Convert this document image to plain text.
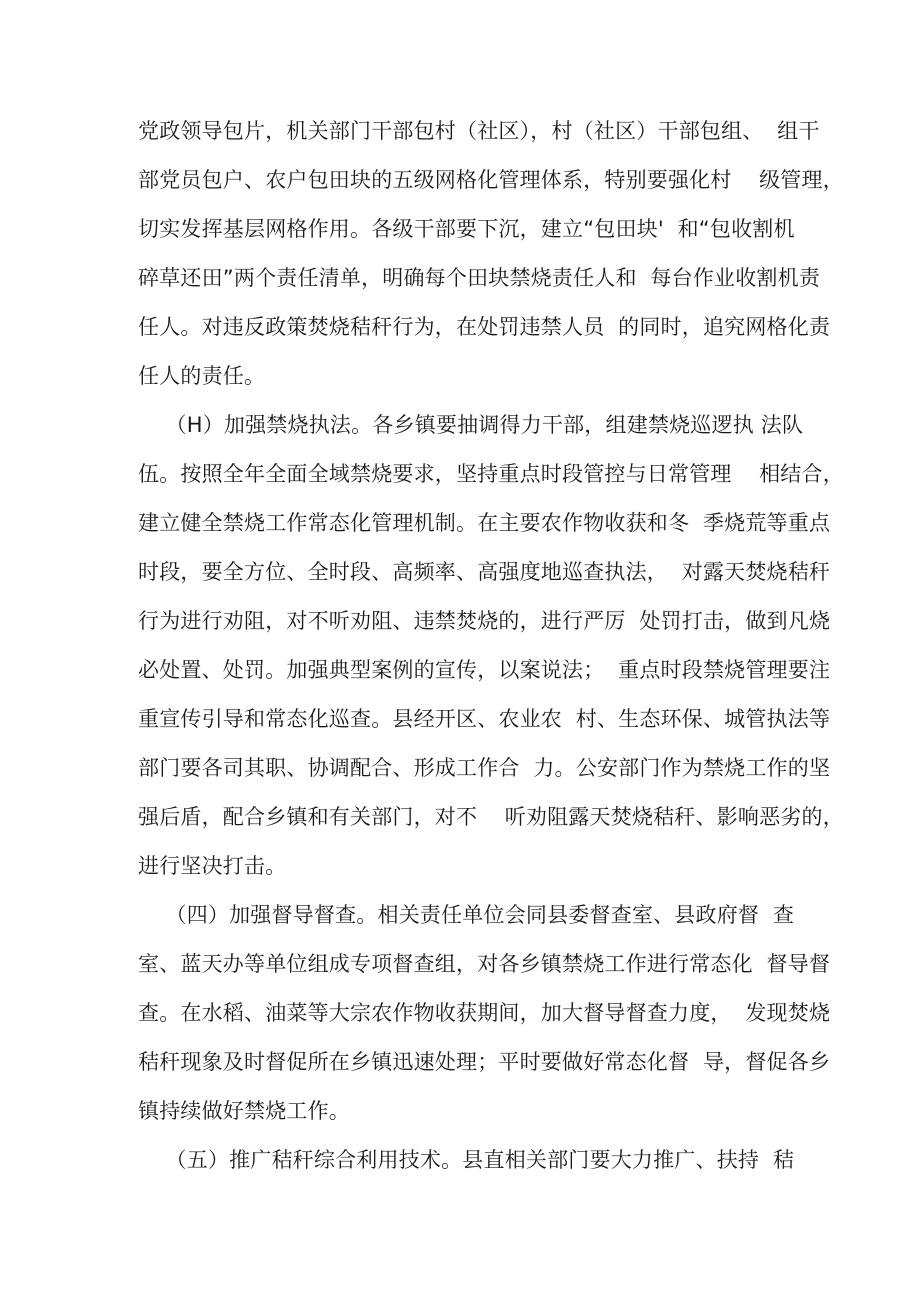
党政领导包片，机关部门干部包村（社区），村（社区）干部包组、  组干
部党员包户、农户包田块的五级网格化管理体系，特别要强化村    级管理，
切实发挥基层网格作用。各级干部要下沉，建立“包田块'  和“包收割机
碎草还田”两个责任清单，明确每个田块禁烧责任人和  每台作业收割机责
任人。对违反政策焚烧秸秆行为，在处罚违禁人员  的同时，追究网格化责
任人的责任。
（H）加强禁烧执法。各乡镇要抽调得力干部，组建禁烧巡逻执 法队
伍。按照全年全面全域禁烧要求，坚持重点时段管控与日常管理    相结合，
建立健全禁烧工作常态化管理机制。在主要农作物收获和冬  季烧荒等重点
时段，要全方位、全时段、高频率、高强度地巡查执法，  对露天焚烧秸秆
行为进行劝阻，对不听劝阻、违禁焚烧的，进行严厉  处罚打击，做到凡烧
必处置、处罚。加强典型案例的宣传，以案说法；  重点时段禁烧管理要注
重宣传引导和常态化巡查。县经开区、农业农  村、生态环保、城管执法等
部门要各司其职、协调配合、形成工作合  力。公安部门作为禁烧工作的坚
强后盾，配合乡镇和有关部门，对不    听劝阻露天焚烧秸秆、影响恶劣的，
进行坚决打击。
（四）加强督导督查。相关责任单位会同县委督查室、县政府督  查
室、蓝天办等单位组成专项督查组，对各乡镇禁烧工作进行常态化  督导督
查。在水稻、油菜等大宗农作物收获期间，加大督导督查力度，  发现焚烧
秸秆现象及时督促所在乡镇迅速处理；平时要做好常态化督  导，督促各乡
镇持续做好禁烧工作。
（五）推广秸秆综合利用技术。县直相关部门要大力推广、扶持  秸
